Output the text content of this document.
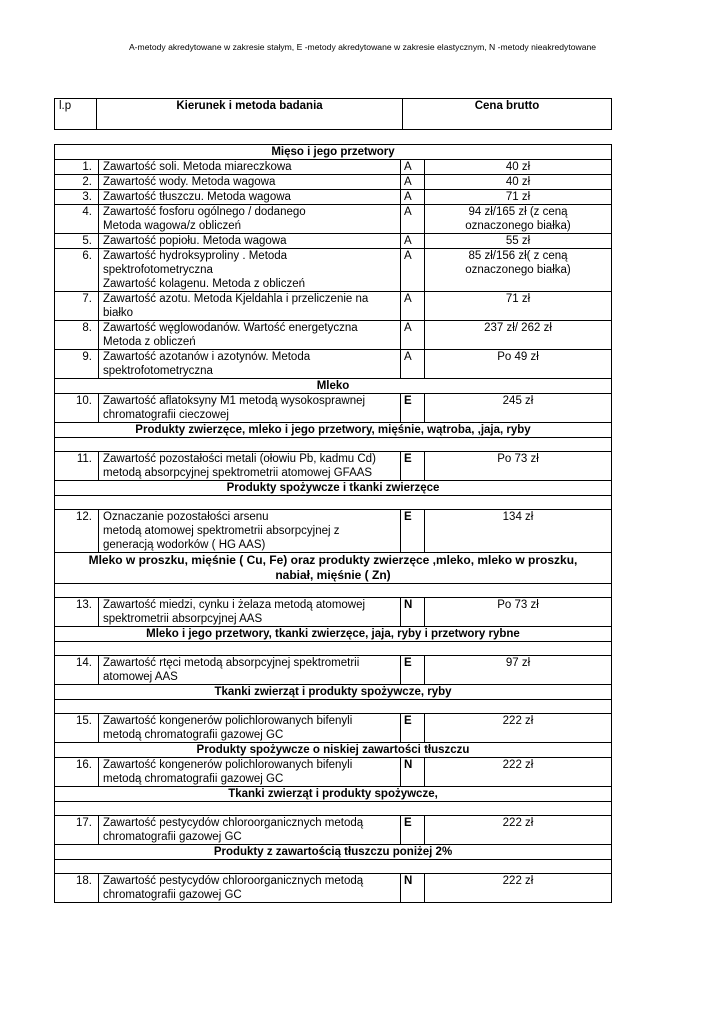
A-metody akredytowane w zakresie stałym, E -metody akredytowane w zakresie elastycznym, N -metody nieakredytowane
l.p	Kierunek i metoda badania	Cena brutto
Mięso i jego przetwory			
1.	Zawartość soli. Metoda miareczkowa	A	40 zł
2.	Zawartość wody. Metoda wagowa	A	40 zł
3.	Zawartość tłuszczu. Metoda wagowa	A	71 zł
4.	Zawartość fosforu ogólnego / dodanego
Metoda wagowa/z obliczeń	A	94 zł/165 zł (z ceną
oznaczonego białka)
5.	Zawartość popiołu. Metoda wagowa	A	55 zł
6.	Zawartość hydroksyproliny . Metoda
spektrofotometryczna
Zawartość kolagenu. Metoda z obliczeń	A	85 zł/156 zł( z ceną
oznaczonego białka)
7.	Zawartość azotu. Metoda Kjeldahla i przeliczenie na
białko	A	71 zł
8.	Zawartość węglowodanów. Wartość energetyczna
Metoda z obliczeń	A	237 zł/ 262 zł
9.	Zawartość azotanów i azotynów. Metoda
spektrofotometryczna	A	Po 49 zł
Mleko			
10.	Zawartość aflatoksyny M1 metodą wysokosprawnej
chromatografii cieczowej	E	245 zł
Produkty zwierzęce, mleko i jego przetwory, mięśnie, wątroba, ,jaja, ryby			

11.	Zawartość pozostałości metali (ołowiu Pb, kadmu Cd)
metodą absorpcyjnej spektrometrii atomowej GFAAS	E	Po 73 zł
Produkty spożywcze i tkanki zwierzęce			

12.	Oznaczanie pozostałości arsenu
metodą atomowej spektrometrii absorpcyjnej z
generacją wodorków ( HG AAS)	E	134 zł
Mleko w proszku, mięśnie ( Cu, Fe) oraz produkty zwierzęce ,mleko, mleko w proszku,
nabiał, mięśnie ( Zn)			

13.	Zawartość miedzi, cynku i żelaza metodą atomowej
spektrometrii absorpcyjnej AAS	N	Po 73 zł
Mleko i jego przetwory, tkanki zwierzęce, jaja, ryby i przetwory rybne			

14.	Zawartość rtęci metodą absorpcyjnej spektrometrii
atomowej AAS	E	97 zł
Tkanki zwierząt i produkty spożywcze, ryby			

15.	Zawartość kongenerów polichlorowanych bifenyli
metodą chromatografii gazowej GC	E	222 zł
Produkty spożywcze o niskiej zawartości tłuszczu			
16.	Zawartość kongenerów polichlorowanych bifenyli
metodą chromatografii gazowej GC	N	222 zł
Tkanki zwierząt i produkty spożywcze,			

17.	Zawartość pestycydów chloroorganicznych metodą
chromatografii gazowej GC	E	222 zł
Produkty z zawartością tłuszczu poniżej 2%			

18.	Zawartość pestycydów chloroorganicznych metodą
chromatografii gazowej GC	N	222 zł
